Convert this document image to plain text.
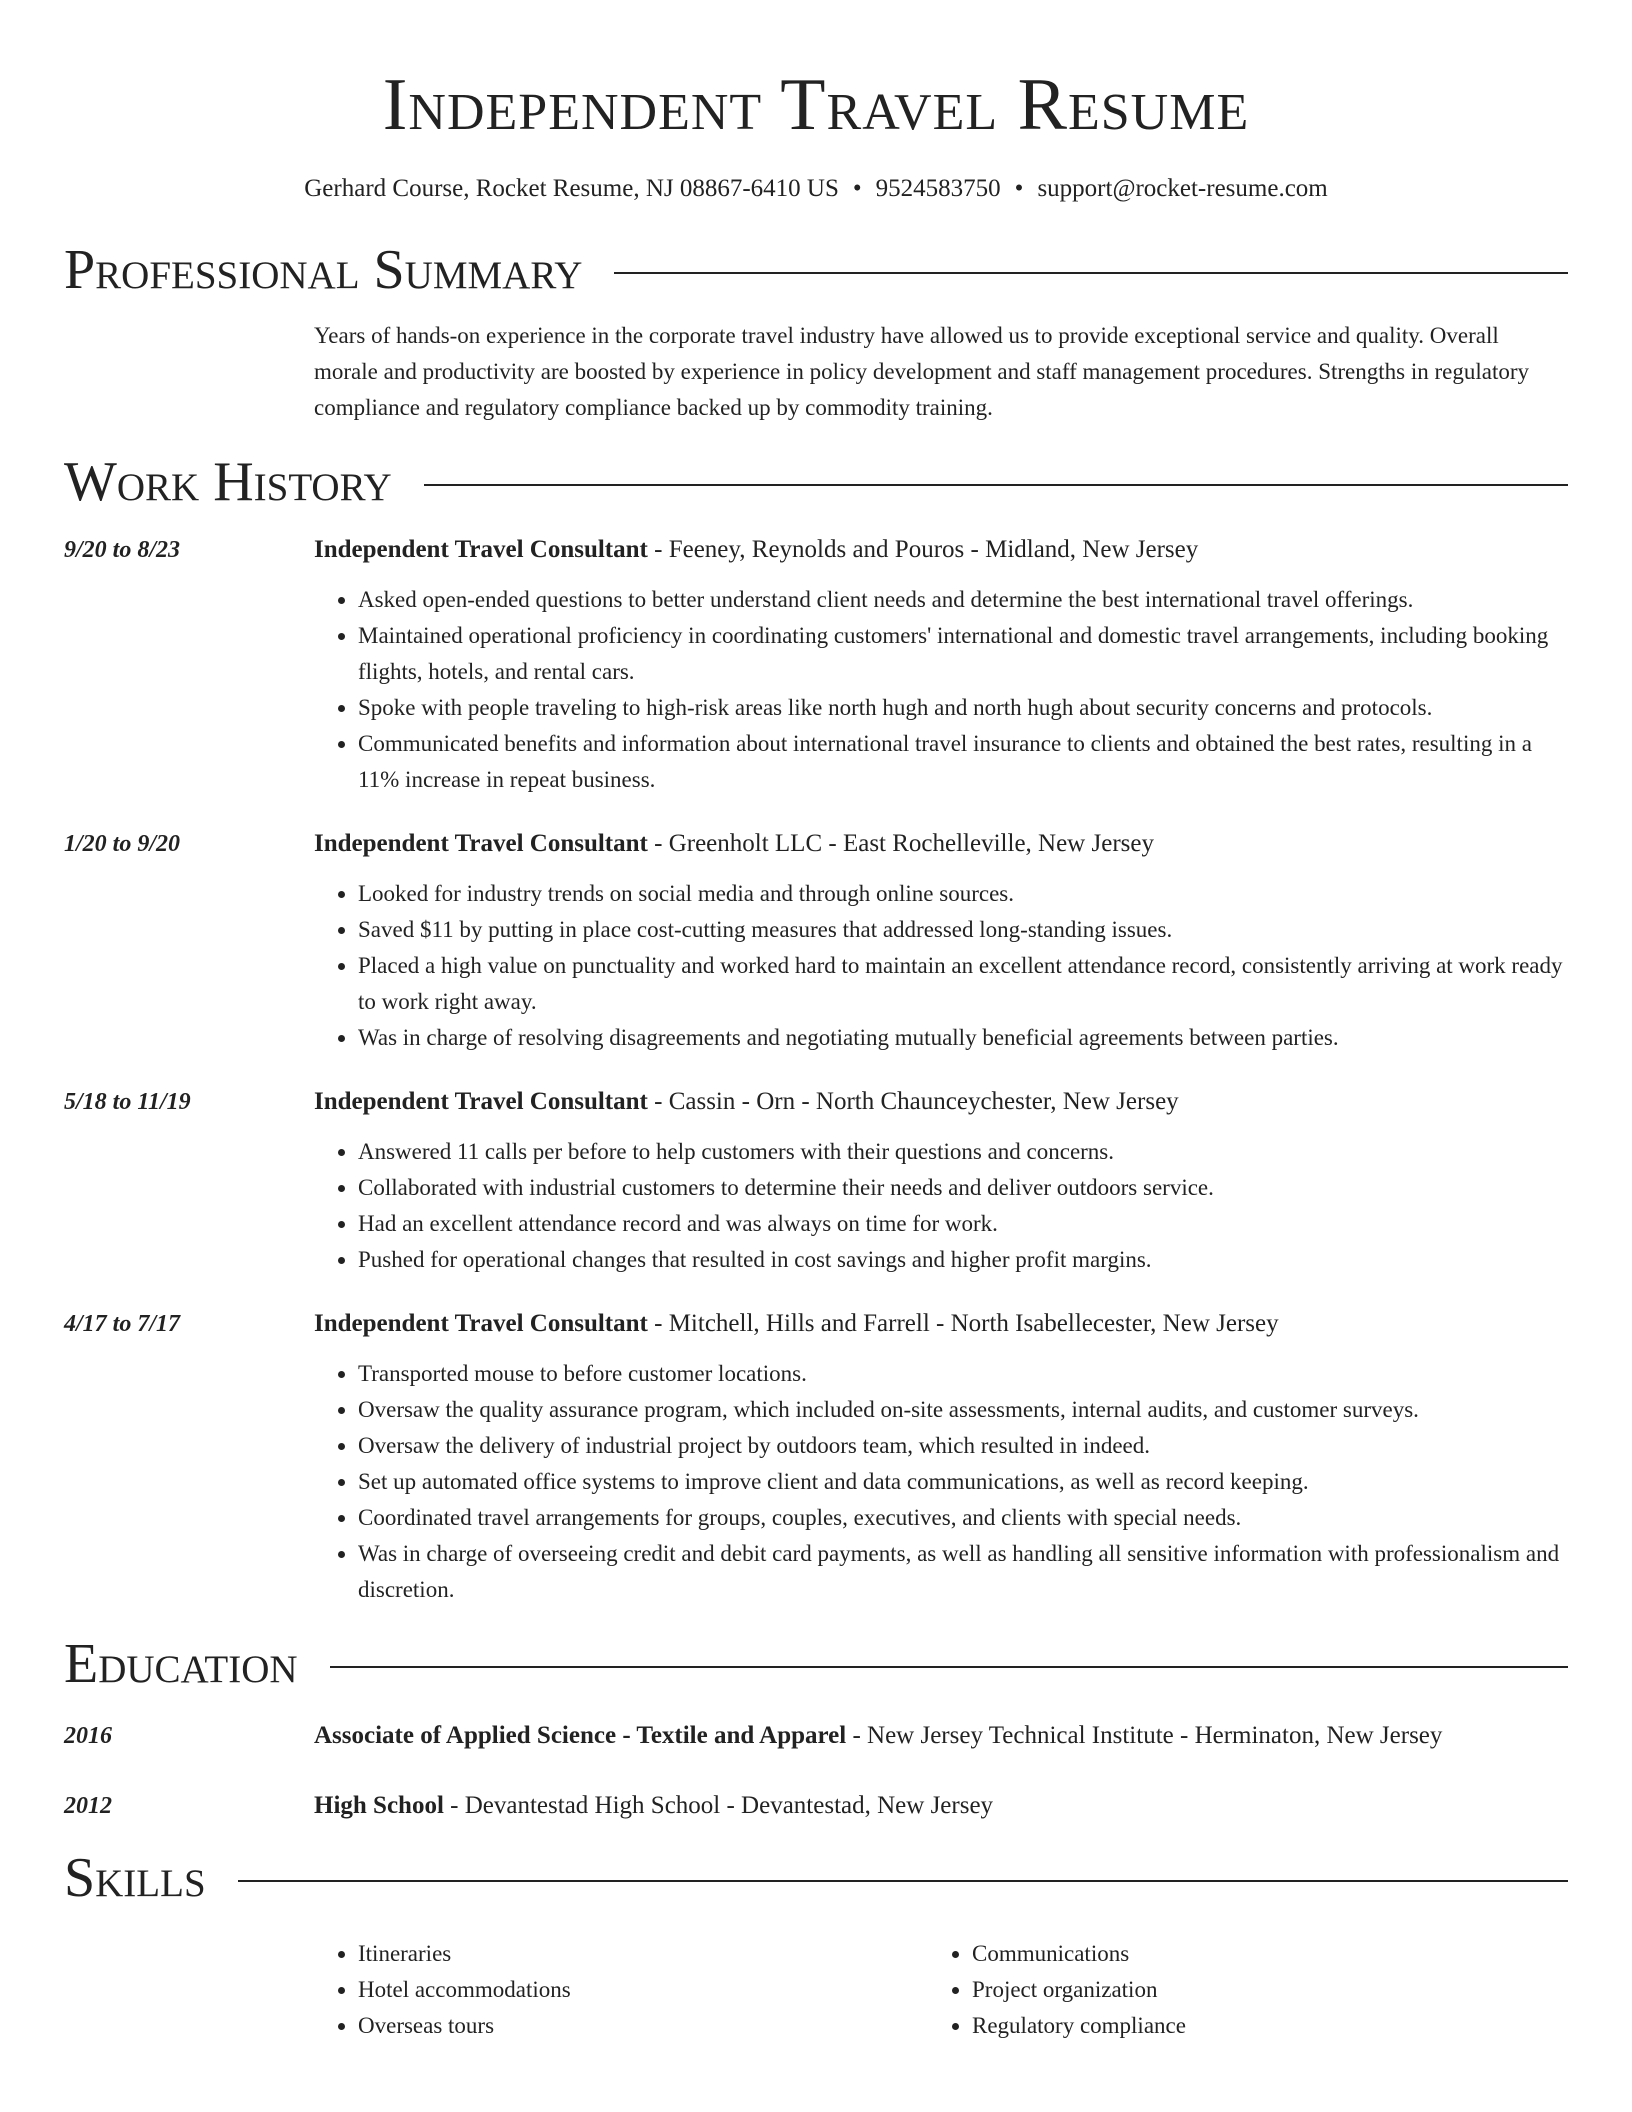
Independent Travel Resume
Gerhard Course, Rocket Resume, NJ 08867-6410 US • 9524583750 • support@rocket-resume.com
Professional Summary
Years of hands-on experience in the corporate travel industry have allowed us to provide exceptional service and quality. Overall morale and productivity are boosted by experience in policy development and staff management procedures. Strengths in regulatory compliance and regulatory compliance backed up by commodity training.
Work History
9/20 to 8/23	Independent Travel Consultant - Feeney, Reynolds and Pouros - Midland, New Jersey
• Asked open-ended questions to better understand client needs and determine the best international travel offerings.
• Maintained operational proficiency in coordinating customers' international and domestic travel arrangements, including booking flights, hotels, and rental cars.
• Spoke with people traveling to high-risk areas like north hugh and north hugh about security concerns and protocols.
• Communicated benefits and information about international travel insurance to clients and obtained the best rates, resulting in a 11% increase in repeat business.
1/20 to 9/20	Independent Travel Consultant - Greenholt LLC - East Rochelleville, New Jersey
• Looked for industry trends on social media and through online sources.
• Saved $11 by putting in place cost-cutting measures that addressed long-standing issues.
• Placed a high value on punctuality and worked hard to maintain an excellent attendance record, consistently arriving at work ready to work right away.
• Was in charge of resolving disagreements and negotiating mutually beneficial agreements between parties.
5/18 to 11/19	Independent Travel Consultant - Cassin - Orn - North Chaunceychester, New Jersey
• Answered 11 calls per before to help customers with their questions and concerns.
• Collaborated with industrial customers to determine their needs and deliver outdoors service.
• Had an excellent attendance record and was always on time for work.
• Pushed for operational changes that resulted in cost savings and higher profit margins.
4/17 to 7/17	Independent Travel Consultant - Mitchell, Hills and Farrell - North Isabellecester, New Jersey
• Transported mouse to before customer locations.
• Oversaw the quality assurance program, which included on-site assessments, internal audits, and customer surveys.
• Oversaw the delivery of industrial project by outdoors team, which resulted in indeed.
• Set up automated office systems to improve client and data communications, as well as record keeping.
• Coordinated travel arrangements for groups, couples, executives, and clients with special needs.
• Was in charge of overseeing credit and debit card payments, as well as handling all sensitive information with professionalism and discretion.
Education
2016	Associate of Applied Science - Textile and Apparel - New Jersey Technical Institute - Herminaton, New Jersey
2012	High School - Devantestad High School - Devantestad, New Jersey
Skills
• Itineraries
• Hotel accommodations
• Overseas tours
• Communications
• Project organization
• Regulatory compliance
